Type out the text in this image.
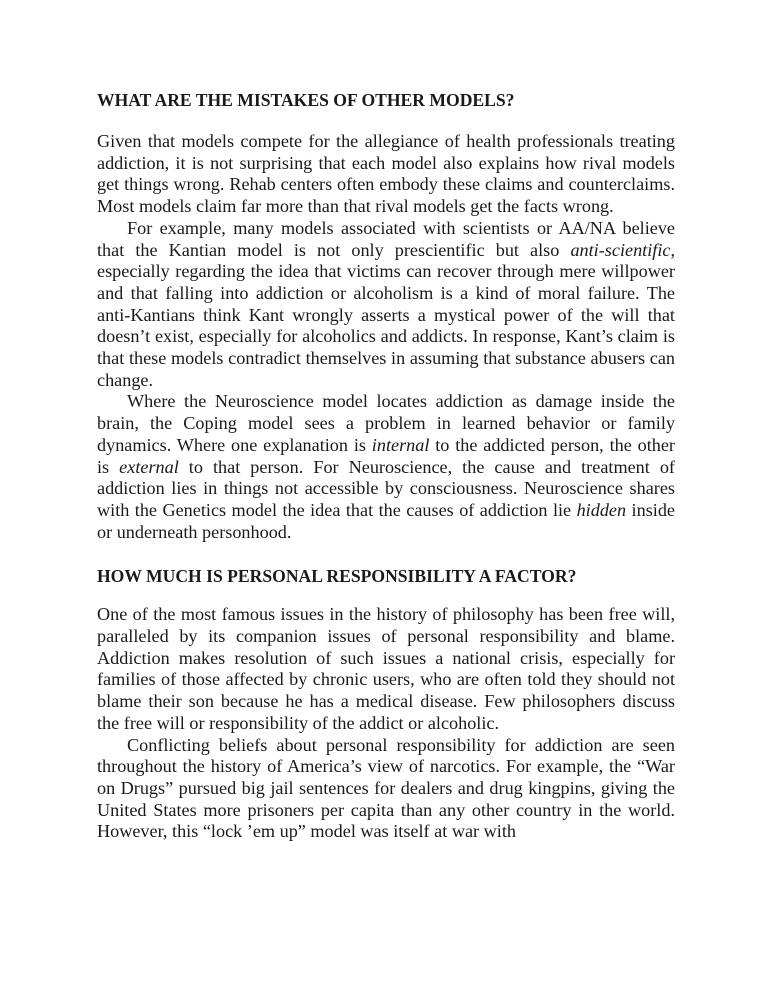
WHAT ARE THE MISTAKES OF OTHER MODELS?

Given that models compete for the allegiance of health professionals treating addiction, it is not surprising that each model also explains how rival models get things wrong. Rehab centers often embody these claims and counterclaims. Most models claim far more than that rival models get the facts wrong.

For example, many models associated with scientists or AA/NA believe that the Kantian model is not only prescientific but also anti-scientific, especially regarding the idea that victims can recover through mere willpower and that falling into addiction or alcoholism is a kind of moral failure. The anti-Kantians think Kant wrongly asserts a mystical power of the will that doesn’t exist, especially for alcoholics and addicts. In response, Kant’s claim is that these models contradict themselves in assuming that substance abusers can change.

Where the Neuroscience model locates addiction as damage inside the brain, the Coping model sees a problem in learned behavior or family dynamics. Where one explanation is internal to the addicted person, the other is external to that person. For Neuroscience, the cause and treatment of addiction lies in things not accessible by consciousness. Neuroscience shares with the Genetics model the idea that the causes of addiction lie hidden inside or underneath personhood.

HOW MUCH IS PERSONAL RESPONSIBILITY A FACTOR?

One of the most famous issues in the history of philosophy has been free will, paralleled by its companion issues of personal responsibility and blame. Addiction makes resolution of such issues a national crisis, especially for families of those affected by chronic users, who are often told they should not blame their son because he has a medical disease. Few philosophers discuss the free will or responsibility of the addict or alcoholic.

Conflicting beliefs about personal responsibility for addiction are seen throughout the history of America’s view of narcotics. For example, the “War on Drugs” pursued big jail sentences for dealers and drug kingpins, giving the United States more prisoners per capita than any other country in the world. However, this “lock ’em up” model was itself at war with
